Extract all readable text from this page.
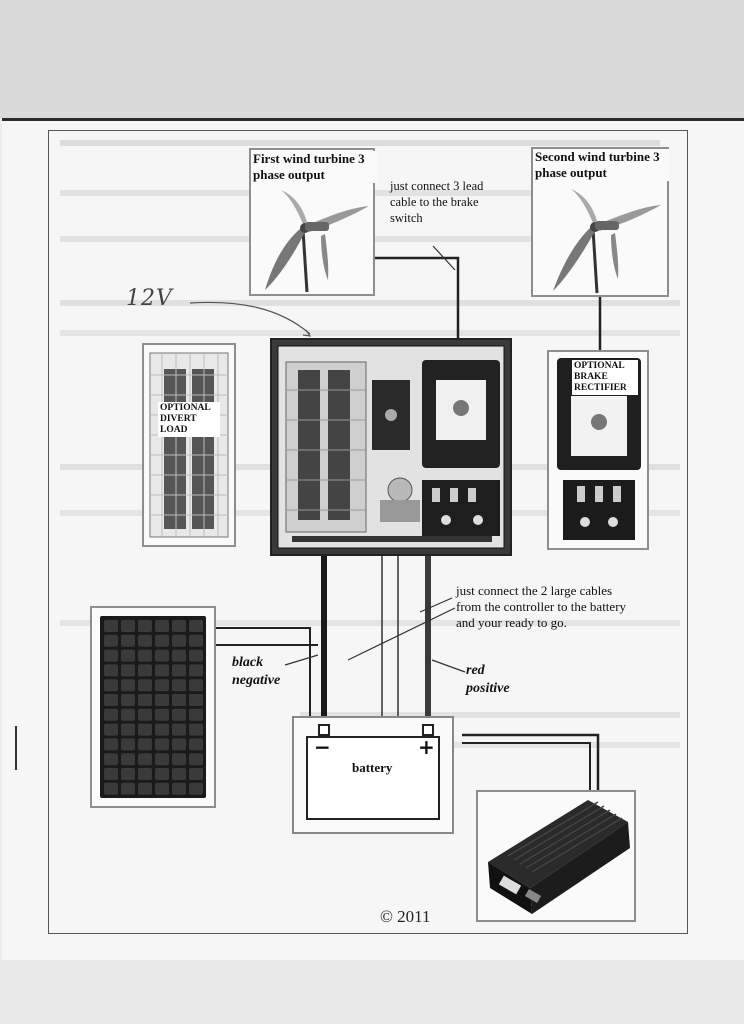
First wind turbine 3 phase output
Second wind turbine 3 phase output
just connect 3 lead cable to the brake switch
12V
OPTIONAL DIVERT LOAD
OPTIONAL BRAKE RECTIFIER
just connect the 2 large cables from the controller to the battery and your ready to go.
black negative
red positive
−	+
battery
© 2011
